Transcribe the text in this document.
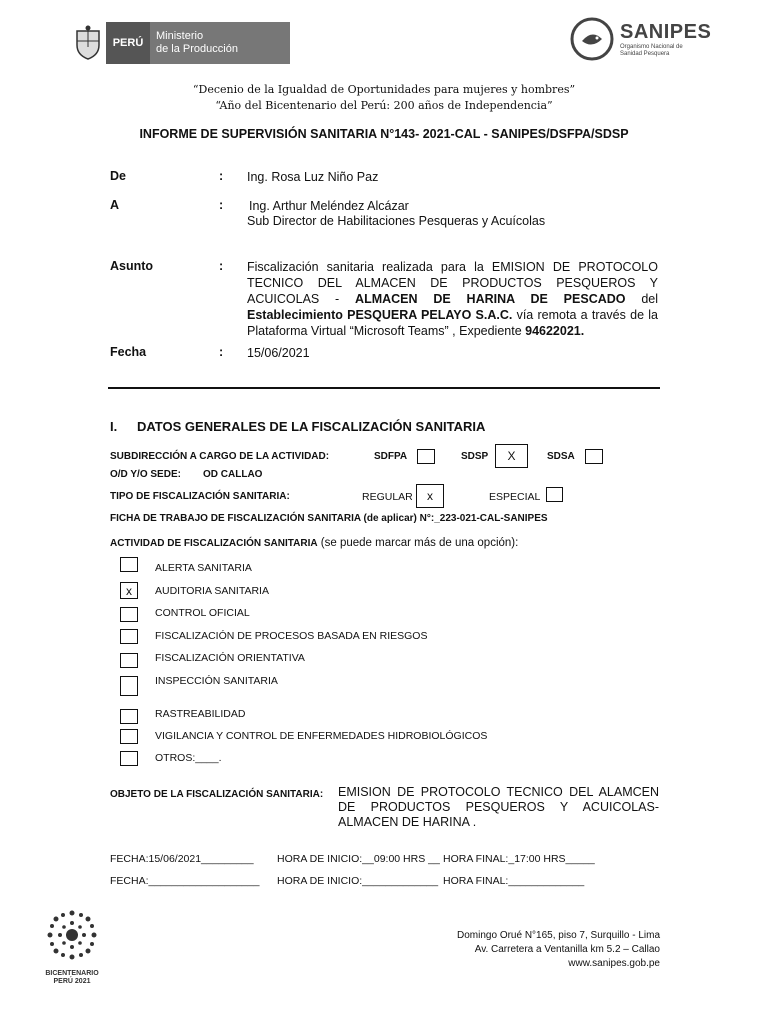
PERÚ
Ministerio
de la Producción
SANIPES
Organismo Nacional de
Sanidad Pesquera
“Decenio de la Igualdad de Oportunidades para mujeres y hombres”
“Año del Bicentenario del Perú: 200 años de Independencia”
INFORME DE SUPERVISIÓN SANITARIA N°143- 2021-CAL - SANIPES/DSFPA/SDSP
De	: Ing. Rosa Luz Niño Paz
A	: Ing. Arthur Meléndez Alcázar
Sub Director de Habilitaciones Pesqueras y Acuícolas
Asunto	: Fiscalización sanitaria realizada para la EMISION DE PROTOCOLO TECNICO DEL ALMACEN DE PRODUCTOS PESQUEROS Y ACUICOLAS - ALMACEN DE HARINA DE PESCADO del Establecimiento PESQUERA PELAYO S.A.C. vía remota a través de la Plataforma Virtual “Microsoft Teams” , Expediente 94622021.
Fecha	: 15/06/2021
I. DATOS GENERALES DE LA FISCALIZACIÓN SANITARIA
SUBDIRECCIÓN A CARGO DE LA ACTIVIDAD:	SDFPA	SDSP	X	SDSA
O/D Y/O SEDE: OD CALLAO
TIPO DE FISCALIZACIÓN SANITARIA:	REGULAR	x	ESPECIAL
FICHA DE TRABAJO DE FISCALIZACIÓN SANITARIA (de aplicar) N°:_223-021-CAL-SANIPES
ACTIVIDAD DE FISCALIZACIÓN SANITARIA (se puede marcar más de una opción):
ALERTA SANITARIA
x	AUDITORIA SANITARIA
CONTROL OFICIAL
FISCALIZACIÓN DE PROCESOS BASADA EN RIESGOS
FISCALIZACIÓN ORIENTATIVA
INSPECCIÓN SANITARIA
RASTREABILIDAD
VIGILANCIA Y CONTROL DE ENFERMEDADES HIDROBIOLÓGICOS
OTROS:____.
OBJETO DE LA FISCALIZACIÓN SANITARIA: EMISION DE PROTOCOLO TECNICO DEL ALAMCEN DE PRODUCTOS PESQUEROS Y ACUICOLAS- ALMACEN DE HARINA .
FECHA:15/06/2021_________ HORA DE INICIO:__09:00 HRS __ HORA FINAL:_17:00 HRS_____
FECHA:___________________ HORA DE INICIO:_____________ HORA FINAL:_____________
BICENTENARIO
PERÚ 2021
Domingo Orué N°165, piso 7, Surquillo - Lima
Av. Carretera a Ventanilla km 5.2 – Callao
www.sanipes.gob.pe
